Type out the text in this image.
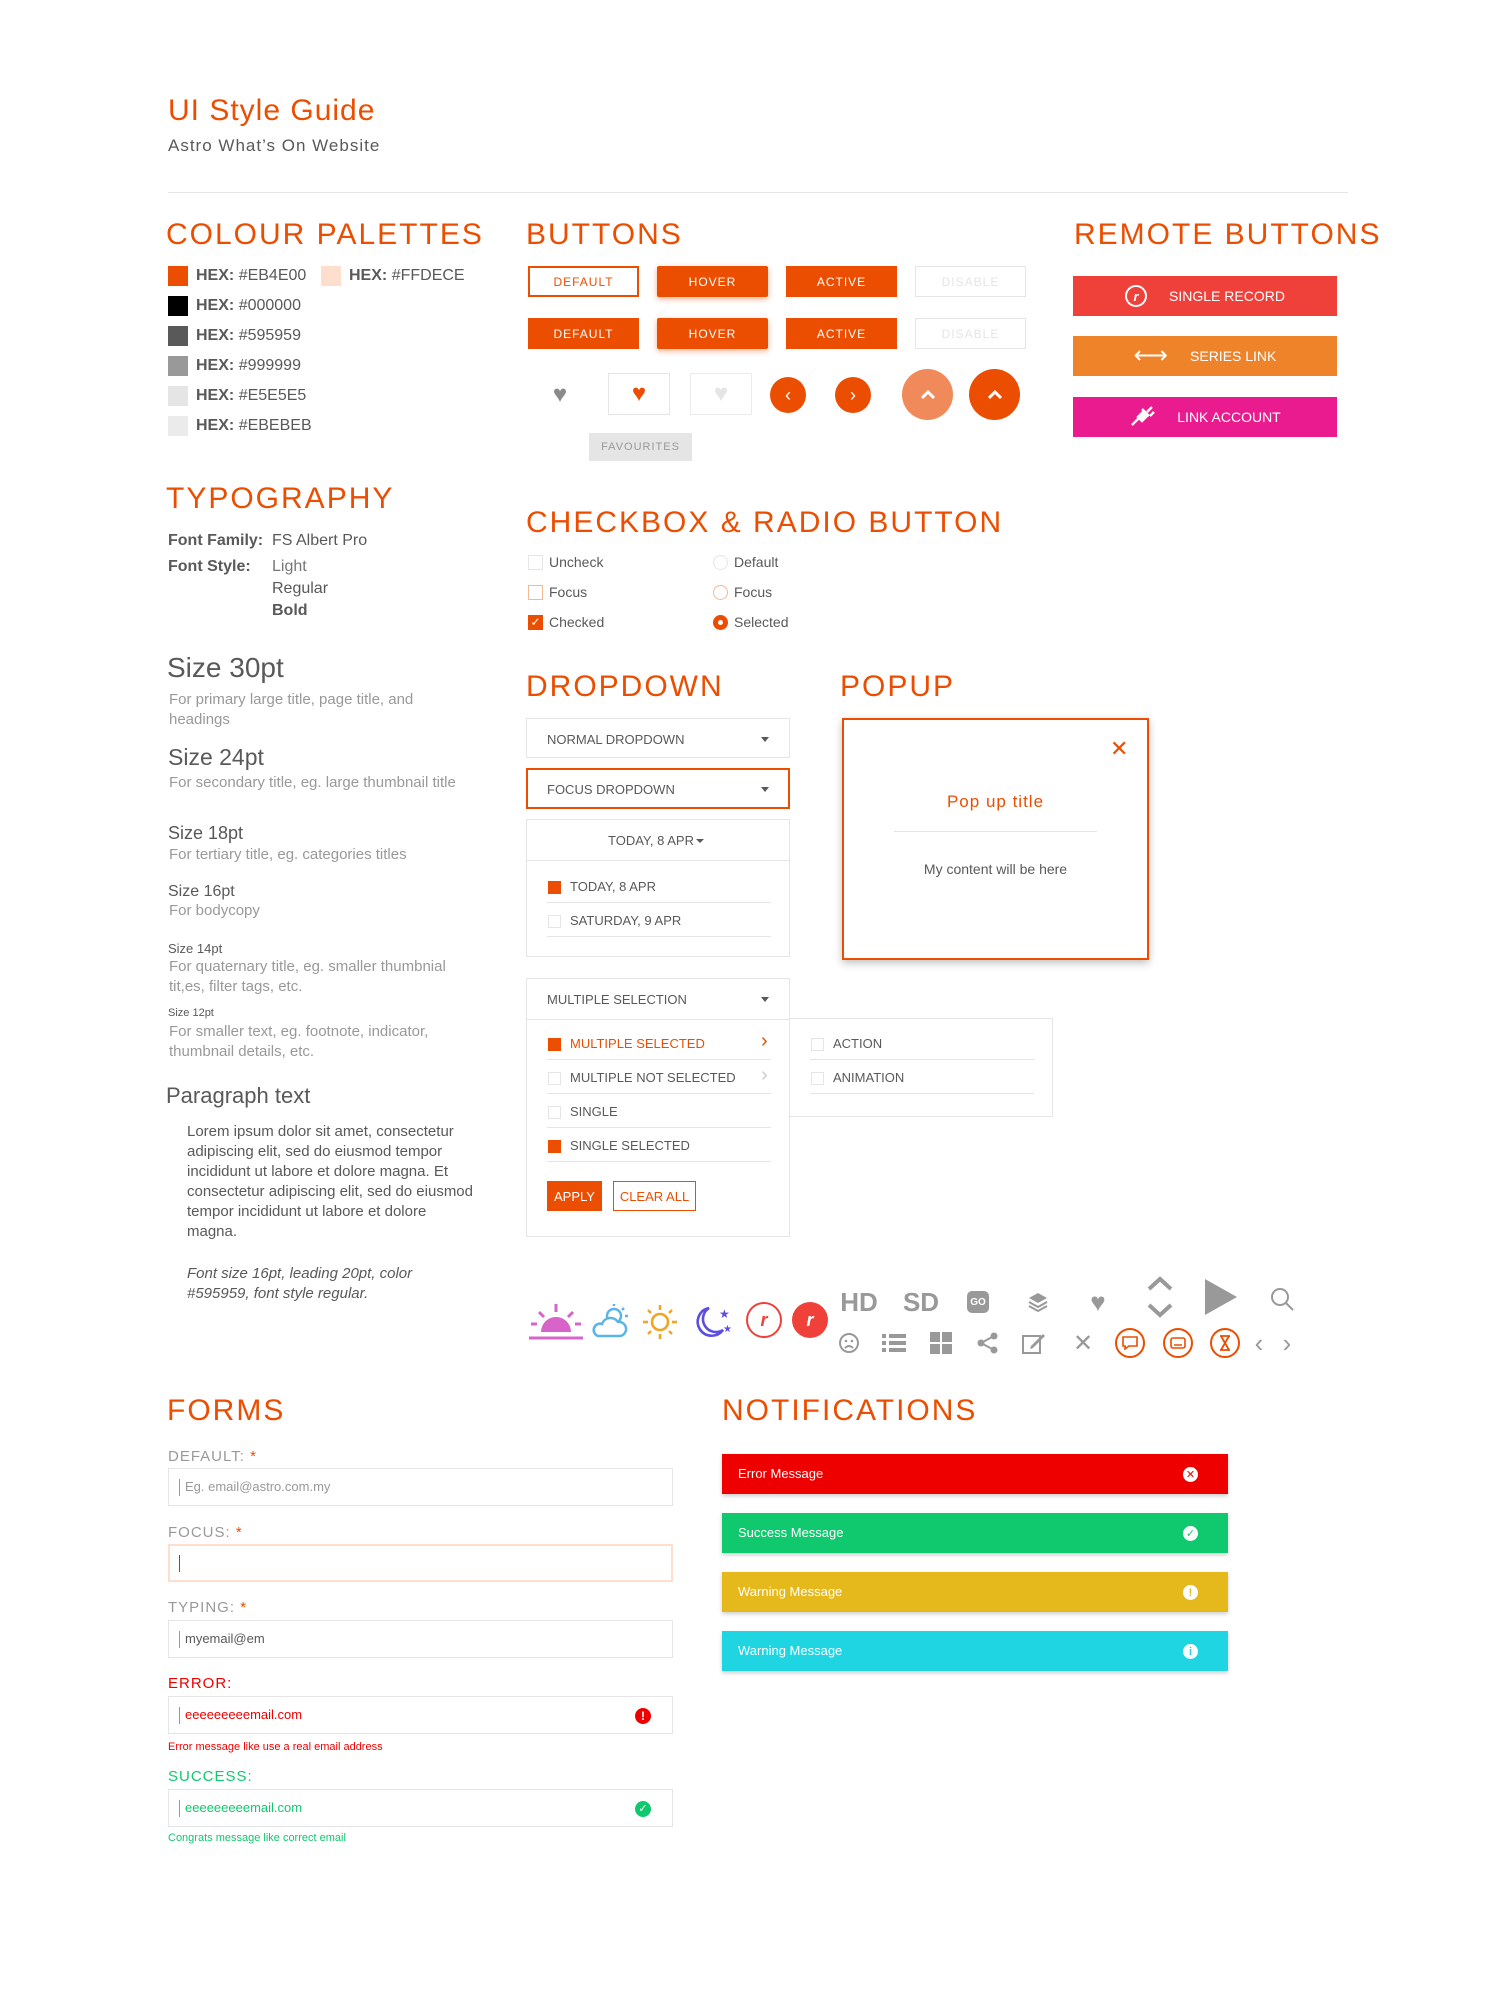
UI Style Guide
Astro What’s On Website
COLOUR PALETTES
HEX: #EB4E00	HEX: #FFDECE
HEX: #000000
HEX: #595959
HEX: #999999
HEX: #E5E5E5
HEX: #EBEBEB
BUTTONS
DEFAULT	HOVER	ACTIVE	DISABLE
DEFAULT	HOVER	ACTIVE	DISABLE
♥	♥
FAVOURITES
♥	‹	›
REMOTE BUTTONS
r	SINGLE RECORD
⟷ SERIES LINK
LINK ACCOUNT
TYPOGRAPHY
Font Family: FS Albert Pro
Font Style: Light
Regular
Bold
Size 30pt
For primary large title, page title, and headings
Size 24pt
For secondary title, eg. large thumbnail title
Size 18pt
For tertiary title, eg. categories titles
Size 16pt
For bodycopy
Size 14pt
For quaternary title, eg. smaller thumbnial tit,es, filter tags, etc.
Size 12pt
For smaller text, eg. footnote, indicator, thumbnail details, etc.
Paragraph text
Lorem ipsum dolor sit amet, consectetur adipiscing elit, sed do eiusmod tempor incididunt ut labore et dolore magna. Et consectetur adipiscing elit, sed do eiusmod tempor incididunt ut labore et dolore magna.
Font size 16pt, leading 20pt, color #595959, font style regular.
CHECKBOX & RADIO BUTTON
Uncheck
Focus
✓ Checked
Default
Focus
Selected
DROPDOWN
NORMAL DROPDOWN
FOCUS DROPDOWN
TODAY, 8 APR
TODAY, 8 APR
SATURDAY, 9 APR
MULTIPLE SELECTION
MULTIPLE SELECTED	›
MULTIPLE NOT SELECTED ›
SINGLE
SINGLE SELECTED
APPLY	CLEAR ALL
ACTION
ANIMATION
POPUP
✕
Pop up title
My content will be here
★
★	r	r
HD SD	GO	♥
✕	‹ ›
FORMS
DEFAULT: *
Eg. email@astro.com.my
FOCUS: *
TYPING: *
myemail@em
ERROR:
eeeeeeeeemail.com	!
Error message like use a real email address
SUCCESS:
eeeeeeeeemail.com	✓
Congrats message like correct email
NOTIFICATIONS
Error Message	✕
Success Message	✓
Warning Message	!
Warning Message	i
